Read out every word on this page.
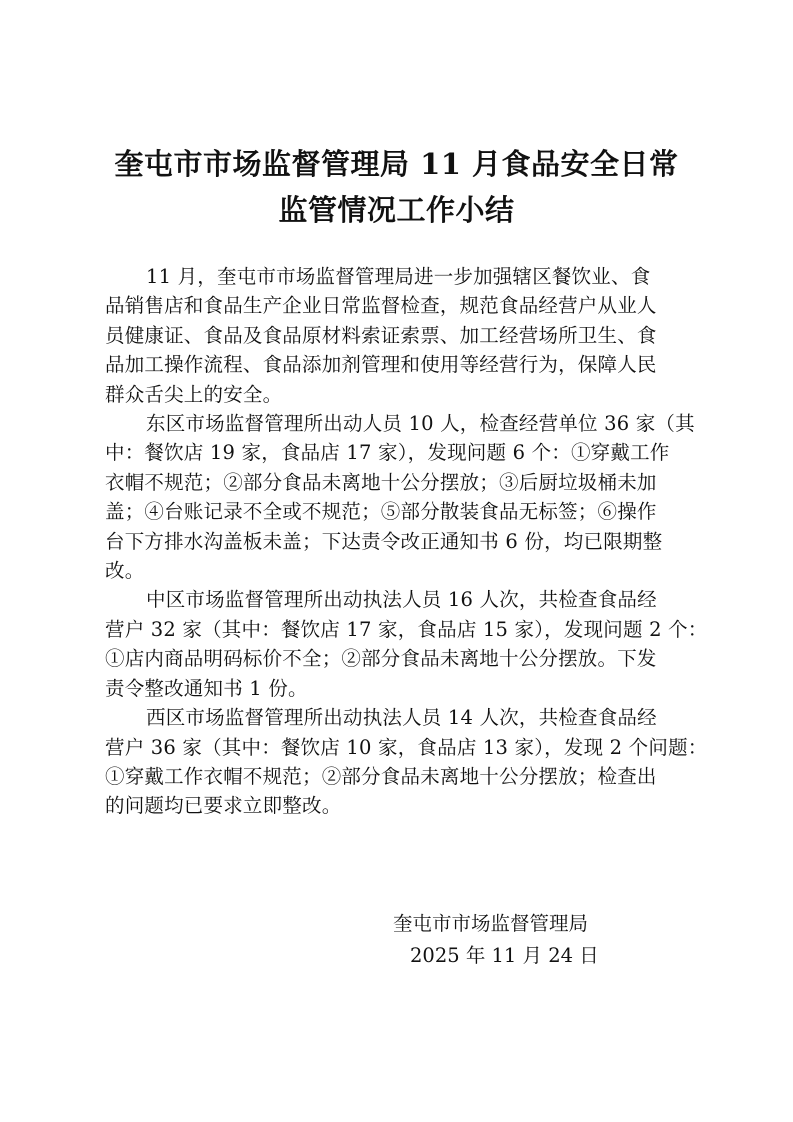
奎屯市市场监督管理局 11 月食品安全日常
监管情况工作小结

11 月，奎屯市市场监督管理局进一步加强辖区餐饮业、食
品销售店和食品生产企业日常监督检查，规范食品经营户从业人
员健康证、食品及食品原材料索证索票、加工经营场所卫生、食
品加工操作流程、食品添加剂管理和使用等经营行为，保障人民
群众舌尖上的安全。

东区市场监督管理所出动人员 10 人，检查经营单位 36 家（其
中：餐饮店 19 家，食品店 17 家），发现问题 6 个：①穿戴工作
衣帽不规范；②部分食品未离地十公分摆放；③后厨垃圾桶未加
盖；④台账记录不全或不规范；⑤部分散装食品无标签；⑥操作
台下方排水沟盖板未盖；下达责令改正通知书 6 份，均已限期整
改。

中区市场监督管理所出动执法人员 16 人次，共检查食品经
营户 32 家（其中：餐饮店 17 家，食品店 15 家），发现问题 2 个：
①店内商品明码标价不全；②部分食品未离地十公分摆放。下发
责令整改通知书 1 份。

西区市场监督管理所出动执法人员 14 人次，共检查食品经
营户 36 家（其中：餐饮店 10 家，食品店 13 家），发现 2 个问题：
①穿戴工作衣帽不规范；②部分食品未离地十公分摆放；检查出
的问题均已要求立即整改。

奎屯市市场监督管理局
2025 年 11 月 24 日
